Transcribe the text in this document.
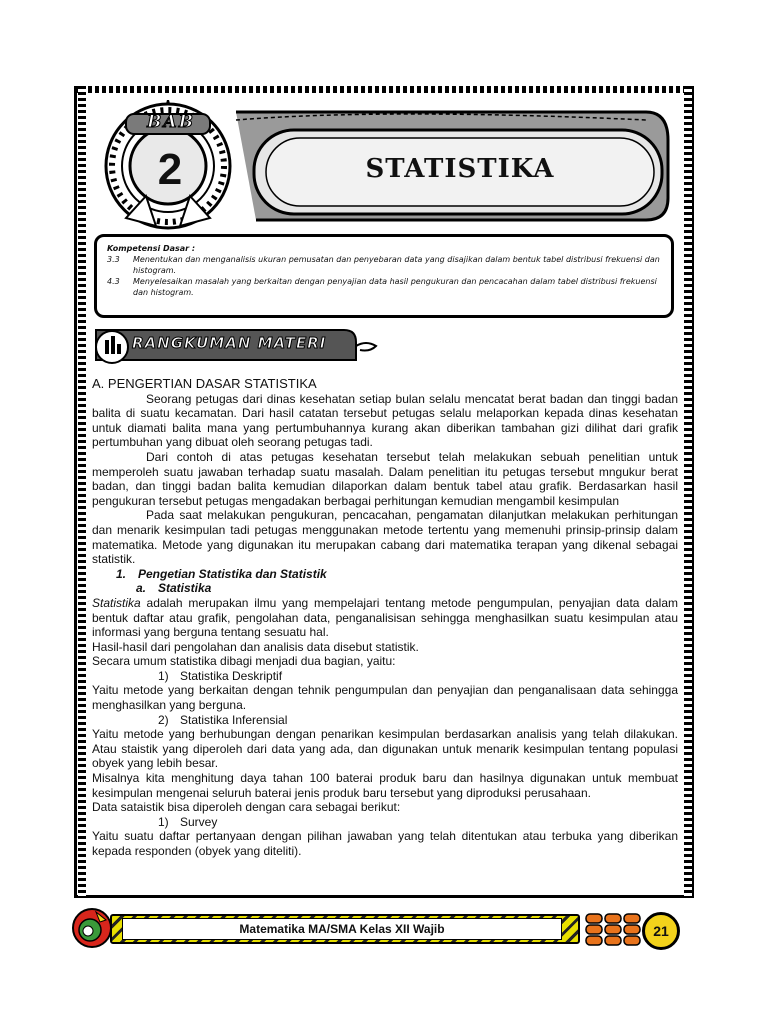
BAB
2	STATISTIKA
Kompetensi Dasar :
3.3	Menentukan dan menganalisis ukuran pemusatan dan penyebaran data yang disajikan dalam bentuk tabel distribusi frekuensi dan histogram.
4.3	Menyelesaikan masalah yang berkaitan dengan penyajian data hasil pengukuran dan pencacahan dalam tabel distribusi frekuensi dan histogram.
RANGKUMAN MATERI

A. PENGERTIAN DASAR STATISTIKA

Seorang petugas dari dinas kesehatan setiap bulan selalu mencatat berat badan dan tinggi badan balita di suatu kecamatan. Dari hasil catatan tersebut petugas selalu melaporkan kepada dinas kesehatan untuk diamati balita mana yang pertumbuhannya kurang akan diberikan tambahan gizi dilihat dari grafik pertumbuhan yang dibuat oleh seorang petugas tadi.

Dari contoh di atas petugas kesehatan tersebut telah melakukan sebuah penelitian untuk memperoleh suatu jawaban terhadap suatu masalah. Dalam penelitian itu petugas tersebut mngukur berat badan, dan tinggi badan balita kemudian dilaporkan dalam bentuk tabel atau grafik. Berdasarkan hasil pengukuran tersebut petugas mengadakan berbagai perhitungan kemudian mengambil kesimpulan

Pada saat melakukan pengukuran, pencacahan, pengamatan dilanjutkan melakukan perhitungan dan menarik kesimpulan tadi petugas menggunakan metode tertentu yang memenuhi prinsip-prinsip dalam matematika. Metode yang digunakan itu merupakan cabang dari matematika terapan yang dikenal sebagai statistik.

1. Pengetian Statistika dan Statistik
a. Statistika

Statistika adalah merupakan ilmu yang mempelajari tentang metode pengumpulan, penyajian data dalam bentuk daftar atau grafik, pengolahan data, penganalisisan sehingga menghasilkan suatu kesimpulan atau informasi yang berguna tentang sesuatu hal.

Hasil-hasil dari pengolahan dan analisis data disebut statistik.

Secara umum statistika dibagi menjadi dua bagian, yaitu:

1) Statistika Deskriptif

Yaitu metode yang berkaitan dengan tehnik pengumpulan dan penyajian dan penganalisaan data sehingga menghasilkan yang berguna.

2) Statistika Inferensial

Yaitu metode yang berhubungan dengan penarikan kesimpulan berdasarkan analisis yang telah dilakukan. Atau staistik yang diperoleh dari data yang ada, dan digunakan untuk menarik kesimpulan tentang populasi obyek yang lebih besar.

Misalnya kita menghitung daya tahan 100 baterai produk baru dan hasilnya digunakan untuk membuat kesimpulan mengenai seluruh baterai jenis produk baru tersebut yang diproduksi perusahaan.

Data sataistik bisa diperoleh dengan cara sebagai berikut:

1) Survey

Yaitu suatu daftar pertanyaan dengan pilihan jawaban yang telah ditentukan atau terbuka yang diberikan kepada responden (obyek yang diteliti).

Matematika MA/SMA Kelas XII Wajib	21
